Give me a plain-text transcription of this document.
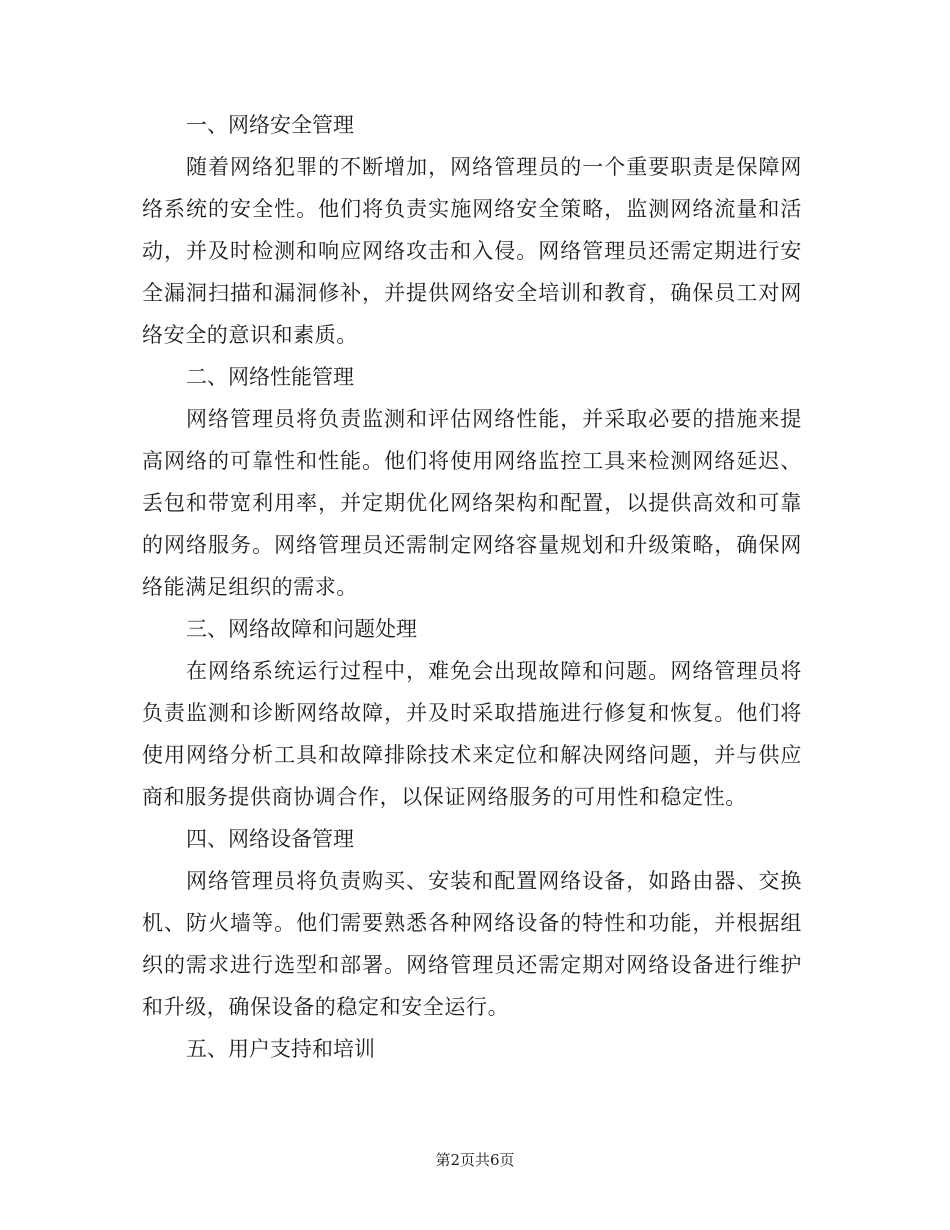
一、网络安全管理

随着网络犯罪的不断增加，网络管理员的一个重要职责是保障网络系统的安全性。他们将负责实施网络安全策略，监测网络流量和活动，并及时检测和响应网络攻击和入侵。网络管理员还需定期进行安全漏洞扫描和漏洞修补，并提供网络安全培训和教育，确保员工对网络安全的意识和素质。

二、网络性能管理

网络管理员将负责监测和评估网络性能，并采取必要的措施来提高网络的可靠性和性能。他们将使用网络监控工具来检测网络延迟、丢包和带宽利用率，并定期优化网络架构和配置，以提供高效和可靠的网络服务。网络管理员还需制定网络容量规划和升级策略，确保网络能满足组织的需求。

三、网络故障和问题处理

在网络系统运行过程中，难免会出现故障和问题。网络管理员将负责监测和诊断网络故障，并及时采取措施进行修复和恢复。他们将使用网络分析工具和故障排除技术来定位和解决网络问题，并与供应商和服务提供商协调合作，以保证网络服务的可用性和稳定性。

四、网络设备管理

网络管理员将负责购买、安装和配置网络设备，如路由器、交换机、防火墙等。他们需要熟悉各种网络设备的特性和功能，并根据组织的需求进行选型和部署。网络管理员还需定期对网络设备进行维护和升级，确保设备的稳定和安全运行。

五、用户支持和培训

第2页共6页
